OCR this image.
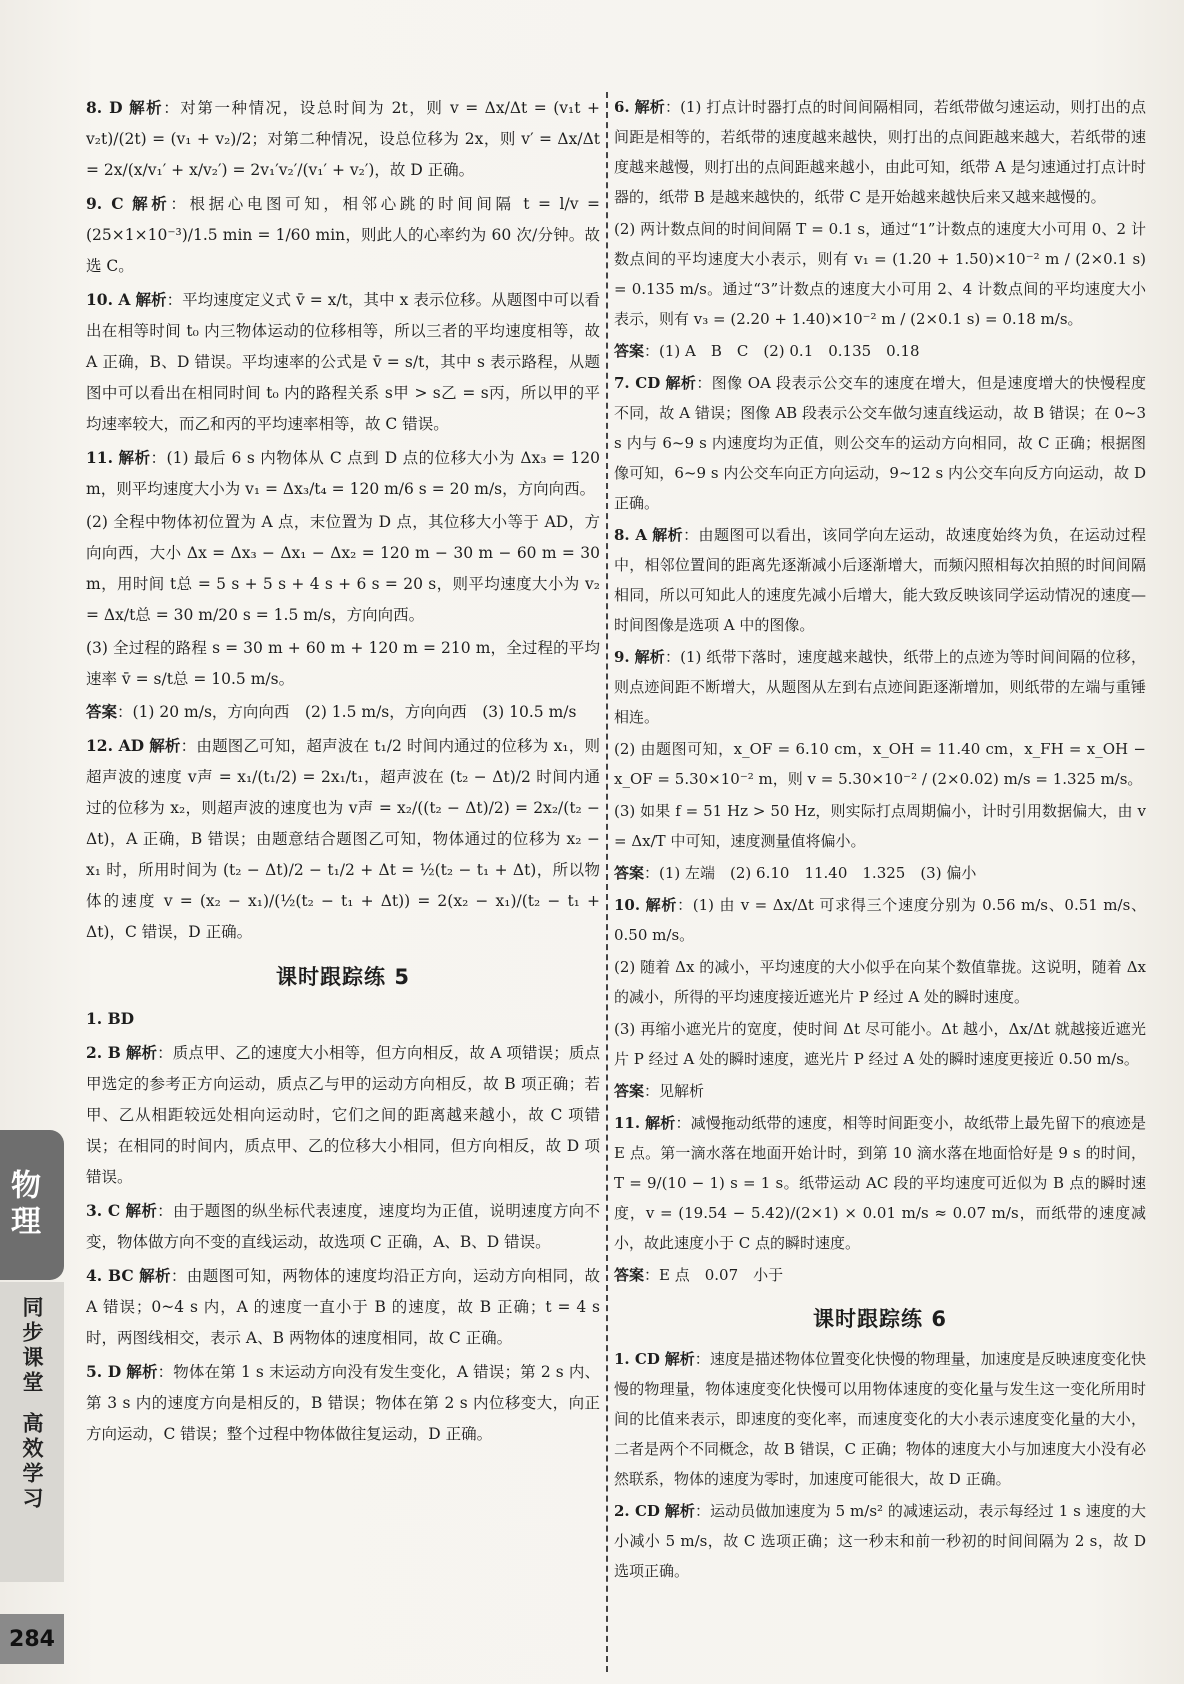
8. D 解析：对第一种情况，设总时间为 2t，则 v = Δx/Δt = (v₁t + v₂t)/(2t) = (v₁ + v₂)/2；对第二种情况，设总位移为 2x，则 v′ = Δx/Δt = 2x/(x/v₁′ + x/v₂′) = 2v₁′v₂′/(v₁′ + v₂′)，故 D 正确。

9. C 解析：根据心电图可知，相邻心跳的时间间隔 t = l/v = (25×1×10⁻³)/1.5 min = 1/60 min，则此人的心率约为 60 次/分钟。故选 C。

10. A 解析：平均速度定义式 v̄ = x/t，其中 x 表示位移。从题图中可以看出在相等时间 t₀ 内三物体运动的位移相等，所以三者的平均速度相等，故 A 正确，B、D 错误。平均速率的公式是 v̄ = s/t，其中 s 表示路程，从题图中可以看出在相同时间 t₀ 内的路程关系 s甲 > s乙 = s丙，所以甲的平均速率较大，而乙和丙的平均速率相等，故 C 错误。

11. 解析：(1) 最后 6 s 内物体从 C 点到 D 点的位移大小为 Δx₃ = 120 m，则平均速度大小为 v₁ = Δx₃/t₄ = 120 m/6 s = 20 m/s，方向向西。

(2) 全程中物体初位置为 A 点，末位置为 D 点，其位移大小等于 AD，方向向西，大小 Δx = Δx₃ − Δx₁ − Δx₂ = 120 m − 30 m − 60 m = 30 m，用时间 t总 = 5 s + 5 s + 4 s + 6 s = 20 s，则平均速度大小为 v₂ = Δx/t总 = 30 m/20 s = 1.5 m/s，方向向西。

(3) 全过程的路程 s = 30 m + 60 m + 120 m = 210 m，全过程的平均速率 v̄ = s/t总 = 10.5 m/s。

答案：(1) 20 m/s，方向向西　(2) 1.5 m/s，方向向西　(3) 10.5 m/s

12. AD 解析：由题图乙可知，超声波在 t₁/2 时间内通过的位移为 x₁，则超声波的速度 v声 = x₁/(t₁/2) = 2x₁/t₁，超声波在 (t₂ − Δt)/2 时间内通过的位移为 x₂，则超声波的速度也为 v声 = x₂/((t₂ − Δt)/2) = 2x₂/(t₂ − Δt)，A 正确，B 错误；由题意结合题图乙可知，物体通过的位移为 x₂ − x₁ 时，所用时间为 (t₂ − Δt)/2 − t₁/2 + Δt = ½(t₂ − t₁ + Δt)，所以物体的速度 v = (x₂ − x₁)/(½(t₂ − t₁ + Δt)) = 2(x₂ − x₁)/(t₂ − t₁ + Δt)，C 错误，D 正确。

课时跟踪练 5

1. BD

2. B 解析：质点甲、乙的速度大小相等，但方向相反，故 A 项错误；质点甲选定的参考正方向运动，质点乙与甲的运动方向相反，故 B 项正确；若甲、乙从相距较远处相向运动时，它们之间的距离越来越小，故 C 项错误；在相同的时间内，质点甲、乙的位移大小相同，但方向相反，故 D 项错误。

3. C 解析：由于题图的纵坐标代表速度，速度均为正值，说明速度方向不变，物体做方向不变的直线运动，故选项 C 正确，A、B、D 错误。

4. BC 解析：由题图可知，两物体的速度均沿正方向，运动方向相同，故 A 错误；0~4 s 内，A 的速度一直小于 B 的速度，故 B 正确；t = 4 s 时，两图线相交，表示 A、B 两物体的速度相同，故 C 正确。

5. D 解析：物体在第 1 s 末运动方向没有发生变化，A 错误；第 2 s 内、第 3 s 内的速度方向是相反的，B 错误；物体在第 2 s 内位移变大，向正方向运动，C 错误；整个过程中物体做往复运动，D 正确。

6. 解析：(1) 打点计时器打点的时间间隔相同，若纸带做匀速运动，则打出的点间距是相等的，若纸带的速度越来越快，则打出的点间距越来越大，若纸带的速度越来越慢，则打出的点间距越来越小，由此可知，纸带 A 是匀速通过打点计时器的，纸带 B 是越来越快的，纸带 C 是开始越来越快后来又越来越慢的。

(2) 两计数点间的时间间隔 T = 0.1 s，通过“1”计数点的速度大小可用 0、2 计数点间的平均速度大小表示，则有 v₁ = (1.20 + 1.50)×10⁻² m / (2×0.1 s) = 0.135 m/s。通过“3”计数点的速度大小可用 2、4 计数点间的平均速度大小表示，则有 v₃ = (2.20 + 1.40)×10⁻² m / (2×0.1 s) = 0.18 m/s。

答案：(1) A　B　C　(2) 0.1　0.135　0.18

7. CD 解析：图像 OA 段表示公交车的速度在增大，但是速度增大的快慢程度不同，故 A 错误；图像 AB 段表示公交车做匀速直线运动，故 B 错误；在 0~3 s 内与 6~9 s 内速度均为正值，则公交车的运动方向相同，故 C 正确；根据图像可知，6~9 s 内公交车向正方向运动，9~12 s 内公交车向反方向运动，故 D 正确。

8. A 解析：由题图可以看出，该同学向左运动，故速度始终为负，在运动过程中，相邻位置间的距离先逐渐减小后逐渐增大，而频闪照相每次拍照的时间间隔相同，所以可知此人的速度先减小后增大，能大致反映该同学运动情况的速度—时间图像是选项 A 中的图像。

9. 解析：(1) 纸带下落时，速度越来越快，纸带上的点迹为等时间间隔的位移，则点迹间距不断增大，从题图从左到右点迹间距逐渐增加，则纸带的左端与重锤相连。

(2) 由题图可知，x_OF = 6.10 cm，x_OH = 11.40 cm，x_FH = x_OH − x_OF = 5.30×10⁻² m，则 v = 5.30×10⁻² / (2×0.02) m/s = 1.325 m/s。

(3) 如果 f = 51 Hz > 50 Hz，则实际打点周期偏小，计时引用数据偏大，由 v = Δx/T 中可知，速度测量值将偏小。

答案：(1) 左端　(2) 6.10　11.40　1.325　(3) 偏小

10. 解析：(1) 由 v = Δx/Δt 可求得三个速度分别为 0.56 m/s、0.51 m/s、0.50 m/s。

(2) 随着 Δx 的减小，平均速度的大小似乎在向某个数值靠拢。这说明，随着 Δx 的减小，所得的平均速度接近遮光片 P 经过 A 处的瞬时速度。

(3) 再缩小遮光片的宽度，使时间 Δt 尽可能小。Δt 越小，Δx/Δt 就越接近遮光片 P 经过 A 处的瞬时速度，遮光片 P 经过 A 处的瞬时速度更接近 0.50 m/s。

答案：见解析

11. 解析：减慢拖动纸带的速度，相等时间距变小，故纸带上最先留下的痕迹是 E 点。第一滴水落在地面开始计时，到第 10 滴水落在地面恰好是 9 s 的时间，T = 9/(10 − 1) s = 1 s。纸带运动 AC 段的平均速度可近似为 B 点的瞬时速度，v = (19.54 − 5.42)/(2×1) × 0.01 m/s ≈ 0.07 m/s，而纸带的速度减小，故此速度小于 C 点的瞬时速度。

答案：E 点　0.07　小于

课时跟踪练 6

1. CD 解析：速度是描述物体位置变化快慢的物理量，加速度是反映速度变化快慢的物理量，物体速度变化快慢可以用物体速度的变化量与发生这一变化所用时间的比值来表示，即速度的变化率，而速度变化的大小表示速度变化量的大小，二者是两个不同概念，故 B 错误，C 正确；物体的速度大小与加速度大小没有必然联系，物体的速度为零时，加速度可能很大，故 D 正确。

2. CD 解析：运动员做加速度为 5 m/s² 的减速运动，表示每经过 1 s 速度的大小减小 5 m/s，故 C 选项正确；这一秒末和前一秒初的时间间隔为 2 s，故 D 选项正确。

物理
同步课堂
高效学习
284
